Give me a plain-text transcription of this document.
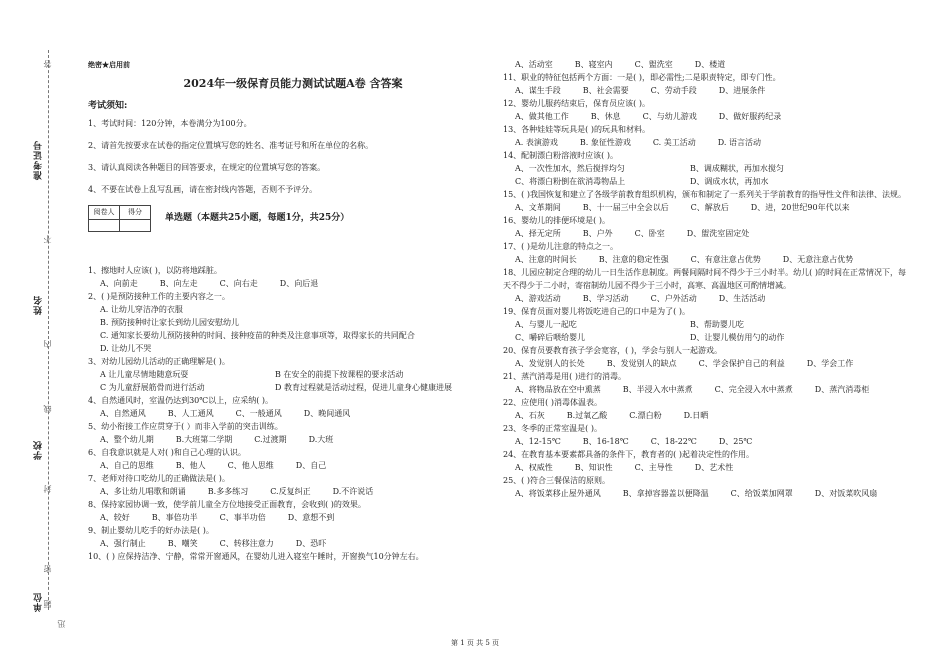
准考证号
姓名
学校
单位
答
不
内
线
封
密
题
迅
绝密★启用前
2024年一级保育员能力测试试题A卷 含答案
考试须知:

1、考试时间：120分钟，本卷满分为100分。

2、请首先按要求在试卷的指定位置填写您的姓名、准考证号和所在单位的名称。

3、请认真阅读各种题目的回答要求，在规定的位置填写您的答案。

4、不要在试卷上乱写乱画，请在密封线内答题，否则不予评分。

阅卷人	得分

单选题（本题共25小题，每题1分，共25分）

1、擦地时人应该( )，以防将地踩脏。

A、向前走	B、向左走	C、向右走	D、向后退

2、( )是预防接种工作的主要内容之一。

A. 让幼儿穿洁净的衣服

B. 预防接种时让家长到幼儿园安慰幼儿

C. 通知家长要幼儿预防接种的时间、接种疫苗的种类及注意事项等，取得家长的共同配合

D. 让幼儿不哭

3、对幼儿园幼儿活动的正确理解是( )。

A 让儿童尽情地随意玩耍	B 在安全的前提下按课程的要求活动

C 为儿童舒展筋骨而进行活动	D 教育过程就是活动过程，促进儿童身心健康进展

4、自然通风时，室温仍达到30℃以上，应采纳( )。

A、自然通风	B、人工通风	C、一般通风	D、晚间通风

5、幼小衔接工作应贯穿于( ）而非入学前的突击训练。

A、整个幼儿期	B.大班第二学期	C.过渡期	D.大班

6、自我意识就是人对( )和自己心理的认识。

A、自己的思维	B、他人	C、他人思维	D、自己

7、老师对待口吃幼儿的正确做法是( )。

A、多让幼儿唱歌和朗诵	B.多多练习	C.反复纠正	D.不许说话

8、保持家园协调一致，使学前儿童全方位地接受正面教育，会收到( )的效果。

A、较好	B、事倍功半	C、事半功倍	D、意想不到

9、制止婴幼儿吃手的好办法是( )。

A、强行制止	B、嘲笑	C、转移注意力	D、恐吓

10、( ) 应保持洁净、宁静，常常开窗通风，在婴幼儿进入寝室午睡时，开窗换气10分钟左右。

A、活动室	B、寝室内	C、盥洗室	D、楼道

11、职业的特征包括两个方面：一是( )，即必需性;二是职责特定，即专门性。

A、谋生手段	B、社会需要	C、劳动手段	D、进展条件

12、婴幼儿服药结束后，保育员应该( )。

A、做其他工作	B、休息	C、与幼儿游戏	D、做好服药纪录

13、各种娃娃等玩具是( )的玩具和材料。

A. 表演游戏	B. 象征性游戏	C. 美工活动	D. 语言活动

14、配制漂白粉溶液时应该( )。

A、一次性加水，然后搅拌均匀	B、调成糊状，再加水搅匀

C、将漂白粉倒在欲消毒物品上	D、调成水状，再加水

15、( )我国恢复和建立了各级学前教育组织机构，颁布和制定了一系列关于学前教育的指导性文件和法律、法规。

A、文革期间	B、十一届三中全会以后	C、解放后	D、进，20世纪90年代以来

16、婴幼儿的排便环境是( )。

A、择无定所	B、户外	C、卧室	D、盥洗室固定处

17、( )是幼儿注意的特点之一。

A、注意的时间长	B、注意的稳定性强	C、有意注意占优势	D、无意注意占优势

18、儿园应制定合理的幼儿一日生活作息制度。两餐间隔时间不得少于三小时半。幼儿( )的时间在正常情况下，每天不得少于二小时，寄宿制幼儿园不得少于三小时，高寒、高温地区可酌情增减。

A、游戏活动	B、学习活动	C、户外活动	D、生活活动

19、保育员面对婴儿将饭吃进自己的口中是为了( )。

A、与婴儿一起吃	B、帮助婴儿吃

C、嚼碎后喂给婴儿	D、让婴儿模仿用勺的动作

20、保育员要教育孩子学会宽容，( )，学会与别人一起游戏。

A、发觉别人的长处	B、发觉别人的缺点	C、学会保护自己的利益	D、学会工作

21、蒸汽消毒是用( )进行的消毒。

A、将物品放在空中熏蒸	B、半浸入水中蒸煮	C、完全浸入水中蒸煮	D、蒸汽消毒柜

22、应使用( )消毒体温表。

A、石灰	B.过氧乙酸	C.漂白粉	D.日晒

23、冬季的正常室温是( )。

A、12-15℃	B、16-18℃	C、18-22℃	D、25℃

24、在教育基本要素都具备的条件下，教育者的( )起着决定性的作用。

A、权威性	B、知识性	C、主导性	D、艺术性

25、( )符合三餐保洁的原则。

A、将饭菜移止屋外通风	B、拿掉容器盖以便降温	C、给饭菜加网罩	D、对饭菜吹风扇

第 1 页 共 5 页
